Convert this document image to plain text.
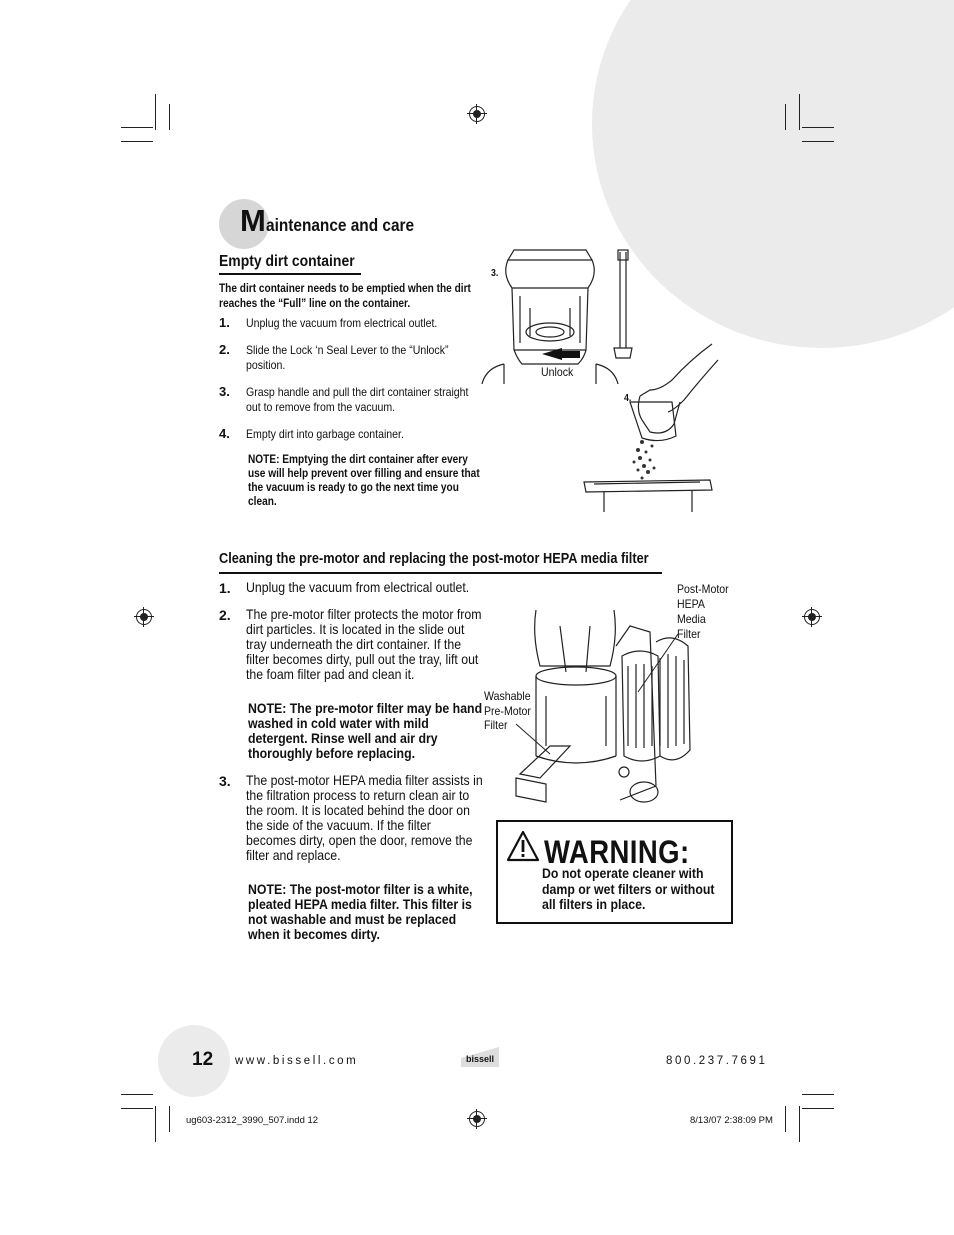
M aintenance and care
Empty dirt container
The dirt container needs to be emptied when the dirt reaches the “Full” line on the container.
1. Unplug the vacuum from electrical outlet.
2. Slide the Lock ‘n Seal Lever to the “Unlock” position.
3. Grasp handle and pull the dirt container straight out to remove from the vacuum.
4. Empty dirt into garbage container.
NOTE: Emptying the dirt container after every use will help prevent over filling and ensure that the vacuum is ready to go the next time you clean.
3.
Unlock
4.
Cleaning the pre-motor and replacing the post-motor HEPA media filter
1. Unplug the vacuum from electrical outlet.
2. The pre-motor filter protects the motor from dirt particles. It is located in the slide out tray underneath the dirt container. If the filter becomes dirty, pull out the tray, lift out the foam filter pad and clean it.
NOTE: The pre-motor filter may be hand washed in cold water with mild detergent. Rinse well and air dry thoroughly before replacing.
3. The post-motor HEPA media filter assists in the filtration process to return clean air to the room. It is located behind the door on the side of the vacuum. If the filter becomes dirty, open the door, remove the filter and replace.
NOTE: The post-motor filter is a white, pleated HEPA media filter. This filter is not washable and must be replaced when it becomes dirty.
Post-Motor
HEPA
Media
Filter
Washable
Pre-Motor
Filter
WARNING:
Do not operate cleaner with damp or wet filters or without all filters in place.
12 www.bissell.com	bissell	800.237.7691
ug603-2312_3990_507.indd 12	8/13/07 2:38:09 PM
